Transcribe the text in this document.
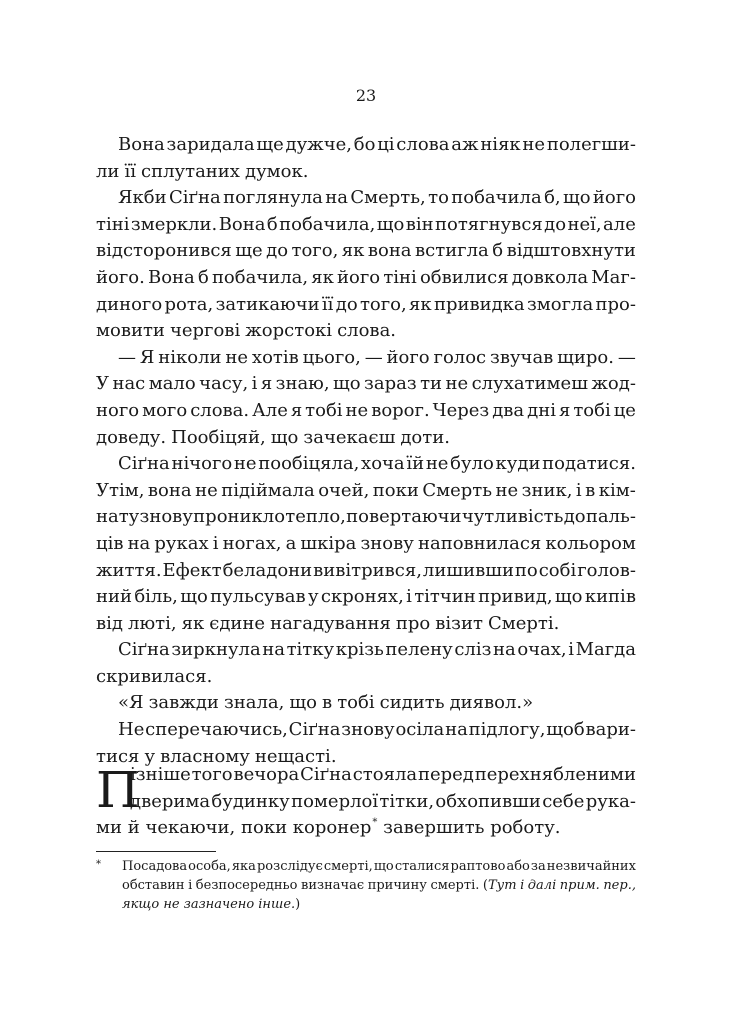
23
Вона заридала ще дужче, бо ці слова аж ніяк не полегши-
ли її сплутаних думок.
Якби Сіґна поглянула на Смерть, то побачила б, що його
тіні змеркли. Вона б побачила, що він потягнувся до неї, але
відсторонився ще до того, як вона встигла б відштовхнути
його. Вона б побачила, як його тіні обвилися довкола Маг-
диного рота, затикаючи її до того, як привидка змогла про-
мовити чергові жорстокі слова.
— Я ніколи не хотів цього, — його голос звучав щиро. —
У нас мало часу, і я знаю, що зараз ти не слухатимеш жод-
ного мого слова. Але я тобі не ворог. Через два дні я тобі це
доведу. Пообіцяй, що зачекаєш доти.
Сіґна нічого не пообіцяла, хоча їй не було куди податися.
Утім, вона не підіймала очей, поки Смерть не зник, і в кім-
нату знову проникло тепло, повертаючи чутливість до паль-
ців на руках і ногах, а шкіра знову наповнилася кольором
життя. Ефект беладони вивітрився, лишивши по собі голов-
ний біль, що пульсував у скронях, і тітчин привид, що кипів
від люті, як єдине нагадування про візит Смерті.
Сіґна зиркнула на тітку крізь пелену сліз на очах, і Магда
скривилася.
«Я завжди знала, що в тобі сидить диявол.»
Не сперечаючись, Сіґна знову осіла на підлогу, щоб вари-
тися у власному нещасті.
П
ізніше того вечора Сіґна стояла перед перехнябленими
дверима будинку померлої тітки, обхопивши себе рука-
ми й чекаючи, поки коронер* завершить роботу.
* Посадова особа, яка розслідує смерті, що сталися раптово або за незвичайних
обставин і безпосередньо визначає причину смерті. (Тут і далі прим. пер.,
якщо не зазначено інше.)
